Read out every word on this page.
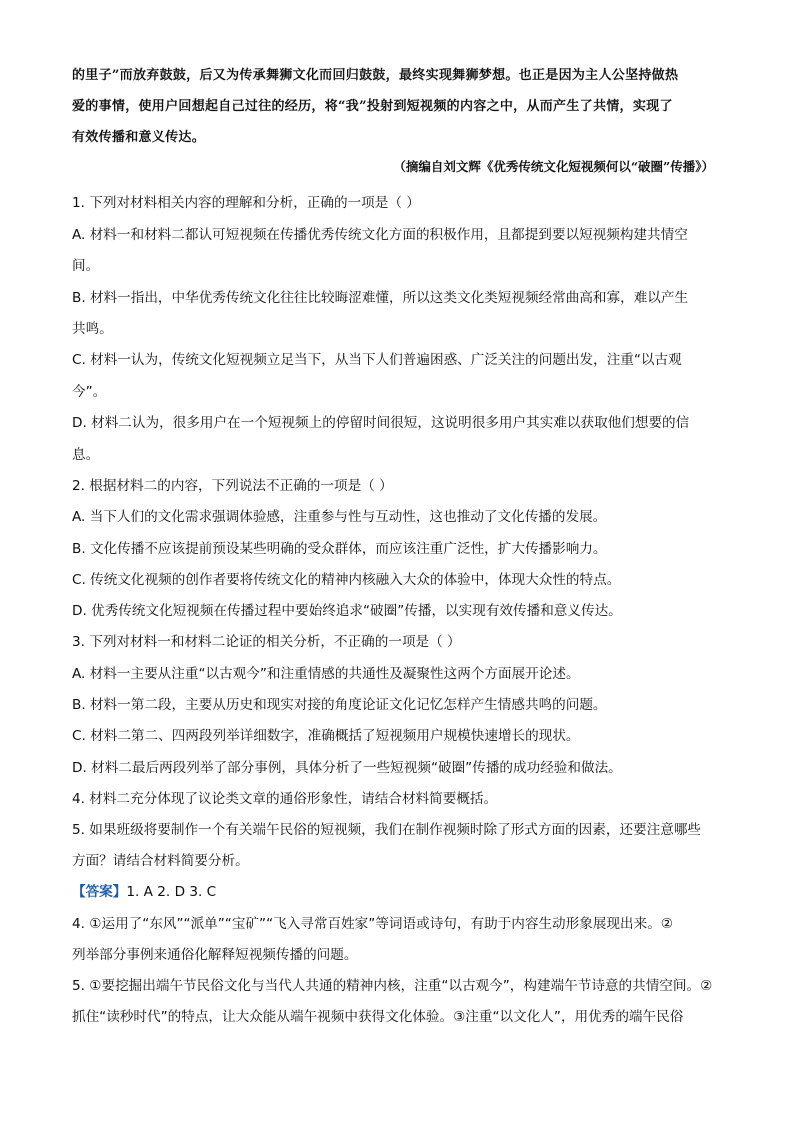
的里子”而放弃鼓鼓，后又为传承舞狮文化而回归鼓鼓，最终实现舞狮梦想。也正是因为主人公坚持做热
爱的事情，使用户回想起自己过往的经历，将“我”投射到短视频的内容之中，从而产生了共情，实现了
有效传播和意义传达。
（摘编自刘文辉《优秀传统文化短视频何以“破圈”传播》）
1. 下列对材料相关内容的理解和分析，正确的一项是（ ）
A. 材料一和材料二都认可短视频在传播优秀传统文化方面的积极作用，且都提到要以短视频构建共情空
间。
B. 材料一指出，中华优秀传统文化往往比较晦涩难懂，所以这类文化类短视频经常曲高和寡，难以产生
共鸣。
C. 材料一认为，传统文化短视频立足当下，从当下人们普遍困惑、广泛关注的问题出发，注重“以古观
今”。
D. 材料二认为，很多用户在一个短视频上的停留时间很短，这说明很多用户其实难以获取他们想要的信
息。
2. 根据材料二的内容，下列说法不正确的一项是（ ）
A. 当下人们的文化需求强调体验感，注重参与性与互动性，这也推动了文化传播的发展。
B. 文化传播不应该提前预设某些明确的受众群体，而应该注重广泛性，扩大传播影响力。
C. 传统文化视频的创作者要将传统文化的精神内核融入大众的体验中，体现大众性的特点。
D. 优秀传统文化短视频在传播过程中要始终追求“破圈”传播，以实现有效传播和意义传达。
3. 下列对材料一和材料二论证的相关分析，不正确的一项是（ ）
A. 材料一主要从注重“以古观今”和注重情感的共通性及凝聚性这两个方面展开论述。
B. 材料一第二段，主要从历史和现实对接的角度论证文化记忆怎样产生情感共鸣的问题。
C. 材料二第二、四两段列举详细数字，准确概括了短视频用户规模快速增长的现状。
D. 材料二最后两段列举了部分事例，具体分析了一些短视频“破圈”传播的成功经验和做法。
4. 材料二充分体现了议论类文章的通俗形象性，请结合材料简要概括。
5. 如果班级将要制作一个有关端午民俗的短视频，我们在制作视频时除了形式方面的因素，还要注意哪些
方面？请结合材料简要分析。
【答案】1. A 2. D 3. C
4. ①运用了“东风”“派单”“宝矿”“飞入寻常百姓家”等词语或诗句，有助于内容生动形象展现出来。②
列举部分事例来通俗化解释短视频传播的问题。
5. ①要挖掘出端午节民俗文化与当代人共通的精神内核，注重“以古观今”，构建端午节诗意的共情空间。②
抓住“读秒时代”的特点，让大众能从端午视频中获得文化体验。③注重“以文化人”，用优秀的端午民俗
